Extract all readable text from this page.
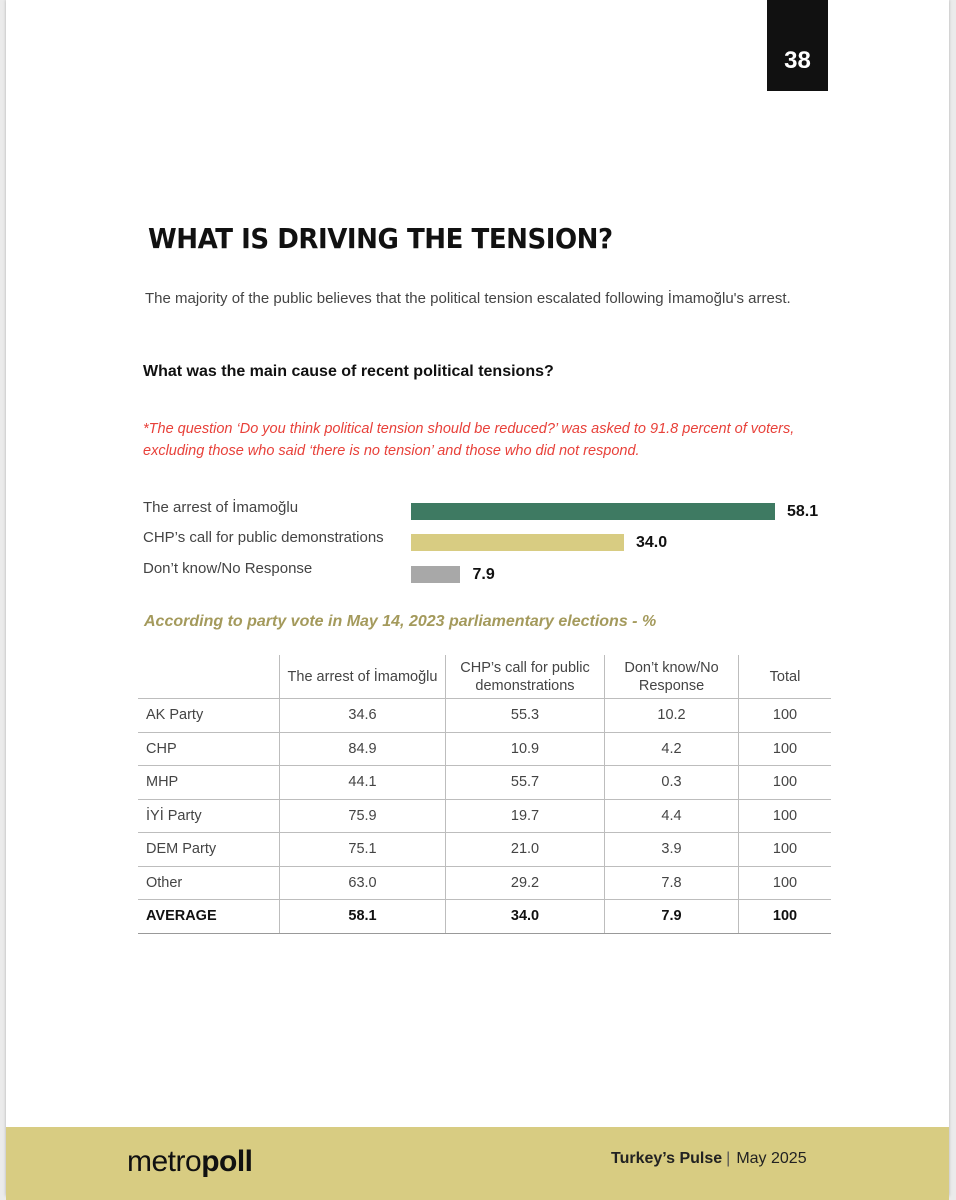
38
WHAT IS DRIVING THE TENSION?
The majority of the public believes that the political tension escalated following İmamoğlu's arrest.
What was the main cause of recent political tensions?
*The question ‘Do you think political tension should be reduced?’ was asked to 91.8 percent of voters, excluding those who said ‘there is no tension’ and those who did not respond.
The arrest of İmamoğlu	58.1
CHP’s call for public demonstrations	34.0
Don’t know/No Response	7.9
According to party vote in May 14, 2023 parliamentary elections - %
	The arrest of İmamoğlu	CHP’s call for public demonstrations	Don’t know/No Response	Total
AK Party	34.6	55.3	10.2	100
CHP	84.9	10.9	4.2	100
MHP	44.1	55.7	0.3	100
İYİ Party	75.9	19.7	4.4	100
DEM Party	75.1	21.0	3.9	100
Other	63.0	29.2	7.8	100
AVERAGE	58.1	34.0	7.9	100
metropoll	Turkey’s Pulse | May 2025
